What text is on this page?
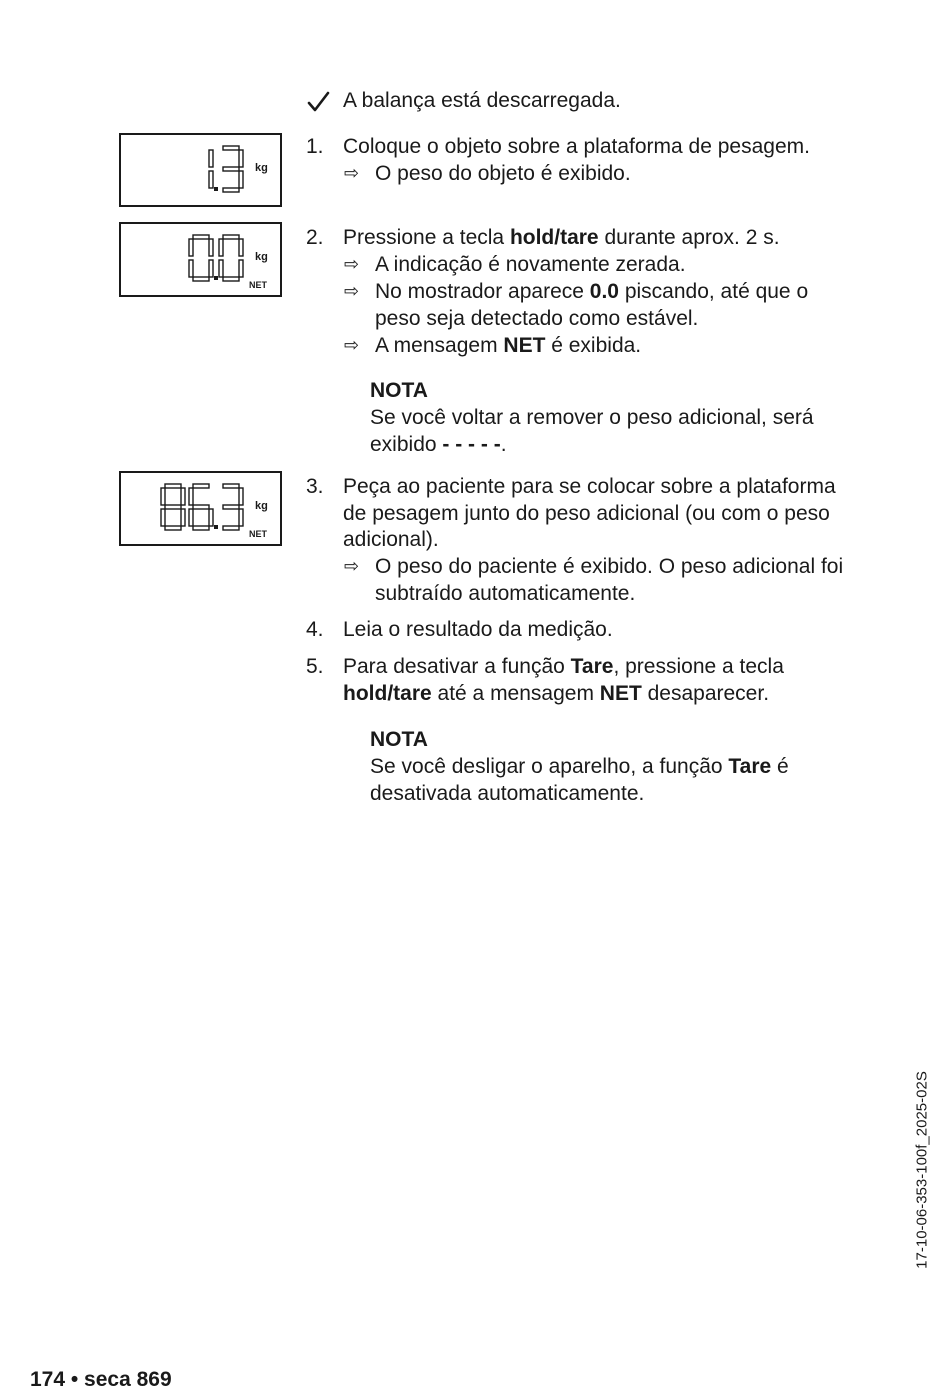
A balança está descarregada.
kg
kg
NET
kg
NET
1. Coloque o objeto sobre a plataforma de pesagem.
⇨ O peso do objeto é exibido.
2. Pressione a tecla hold/tare durante aprox. 2 s.
⇨ A indicação é novamente zerada.
⇨ No mostrador aparece 0.0 piscando, até que o
peso seja detectado como estável.
⇨ A mensagem NET é exibida.
NOTA
Se você voltar a remover o peso adicional, será
exibido - - - - -.
3. Peça ao paciente para se colocar sobre a plataforma
de pesagem junto do peso adicional (ou com o peso
adicional).
⇨ O peso do paciente é exibido. O peso adicional foi
subtraído automaticamente.
4. Leia o resultado da medição.
5. Para desativar a função Tare, pressione a tecla
hold/tare até a mensagem NET desaparecer.
NOTA
Se você desligar o aparelho, a função Tare é
desativada automaticamente.
17-10-06-353-100f_2025-02S
174 • seca 869
